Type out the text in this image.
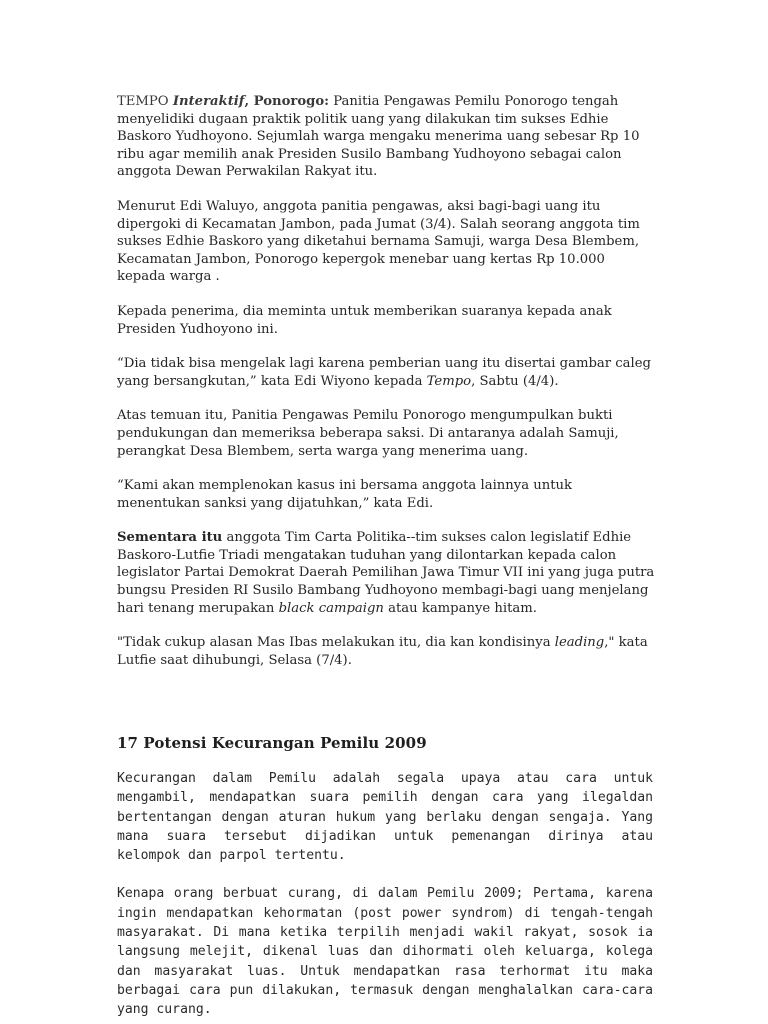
TEMPO Interaktif, Ponorogo: Panitia Pengawas Pemilu Ponorogo tengah menyelidiki dugaan praktik politik uang yang dilakukan tim sukses Edhie Baskoro Yudhoyono. Sejumlah warga mengaku menerima uang sebesar Rp 10 ribu agar memilih anak Presiden Susilo Bambang Yudhoyono sebagai calon anggota Dewan Perwakilan Rakyat itu.

Menurut Edi Waluyo, anggota panitia pengawas, aksi bagi-bagi uang itu dipergoki di Kecamatan Jambon, pada Jumat (3/4). Salah seorang anggota tim sukses Edhie Baskoro yang diketahui bernama Samuji, warga Desa Blembem, Kecamatan Jambon, Ponorogo kepergok menebar uang kertas Rp 10.000 kepada warga .

Kepada penerima, dia meminta untuk memberikan suaranya kepada anak Presiden Yudhoyono ini.

“Dia tidak bisa mengelak lagi karena pemberian uang itu disertai gambar caleg yang bersangkutan,” kata Edi Wiyono kepada Tempo, Sabtu (4/4).

Atas temuan itu, Panitia Pengawas Pemilu Ponorogo mengumpulkan bukti pendukungan dan memeriksa beberapa saksi. Di antaranya adalah Samuji, perangkat Desa Blembem, serta warga yang menerima uang.

“Kami akan memplenokan kasus ini bersama anggota lainnya untuk menentukan sanksi yang dijatuhkan,” kata Edi.

Sementara itu anggota Tim Carta Politika--tim sukses calon legislatif Edhie Baskoro-Lutfie Triadi mengatakan tuduhan yang dilontarkan kepada calon legislator Partai Demokrat Daerah Pemilihan Jawa Timur VII ini yang juga putra bungsu Presiden RI Susilo Bambang Yudhoyono membagi-bagi uang menjelang hari tenang merupakan black campaign atau kampanye hitam.

"Tidak cukup alasan Mas Ibas melakukan itu, dia kan kondisinya leading," kata Lutfie saat dihubungi, Selasa (7/4).

17 Potensi Kecurangan Pemilu 2009

Kecurangan dalam Pemilu adalah segala upaya atau cara untuk mengambil, mendapatkan suara pemilih dengan cara yang ilegaldan bertentangan dengan aturan hukum yang berlaku dengan sengaja. Yang mana suara tersebut dijadikan untuk pemenangan dirinya atau kelompok dan parpol tertentu.

Kenapa orang berbuat curang, di dalam Pemilu 2009; Pertama, karena ingin mendapatkan kehormatan (post power syndrom) di tengah-tengah masyarakat. Di mana ketika terpilih menjadi wakil rakyat, sosok ia langsung melejit, dikenal luas dan dihormati oleh keluarga, kolega dan masyarakat luas. Untuk mendapatkan rasa terhormat itu maka berbagai cara pun dilakukan, termasuk dengan menghalalkan cara-cara yang curang.
